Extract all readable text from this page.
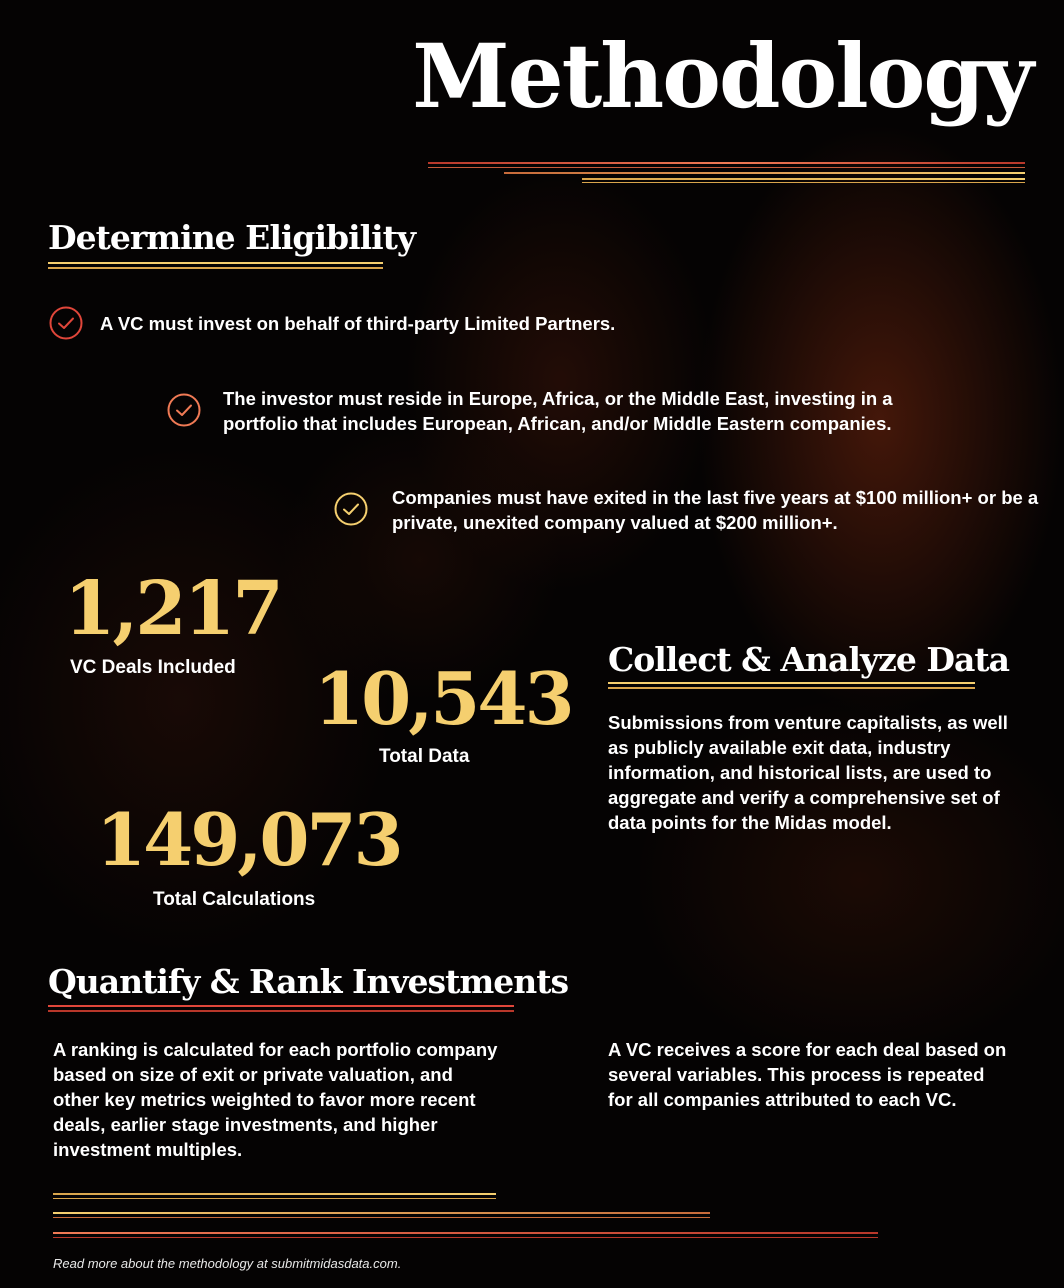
Methodology
Determine Eligibility
A VC must invest on behalf of third-party Limited Partners.
The investor must reside in Europe, Africa, or the Middle East, investing in a portfolio that includes European, African, and/or Middle Eastern companies.
Companies must have exited in the last five years at $100 million+ or be a private, unexited company valued at $200 million+.
1,217
VC Deals Included 10,543
Total Data
149,073
Total Calculations
Collect & Analyze Data
Submissions from venture capitalists, as well as publicly available exit data, industry information, and historical lists, are used to aggregate and verify a comprehensive set of data points for the Midas model.
Quantify & Rank Investments
A ranking is calculated for each portfolio company based on size of exit or private valuation, and other key metrics weighted to favor more recent deals, earlier stage investments, and higher investment multiples.
A VC receives a score for each deal based on several variables. This process is repeated for all companies attributed to each VC.
Read more about the methodology at submitmidasdata.com.
